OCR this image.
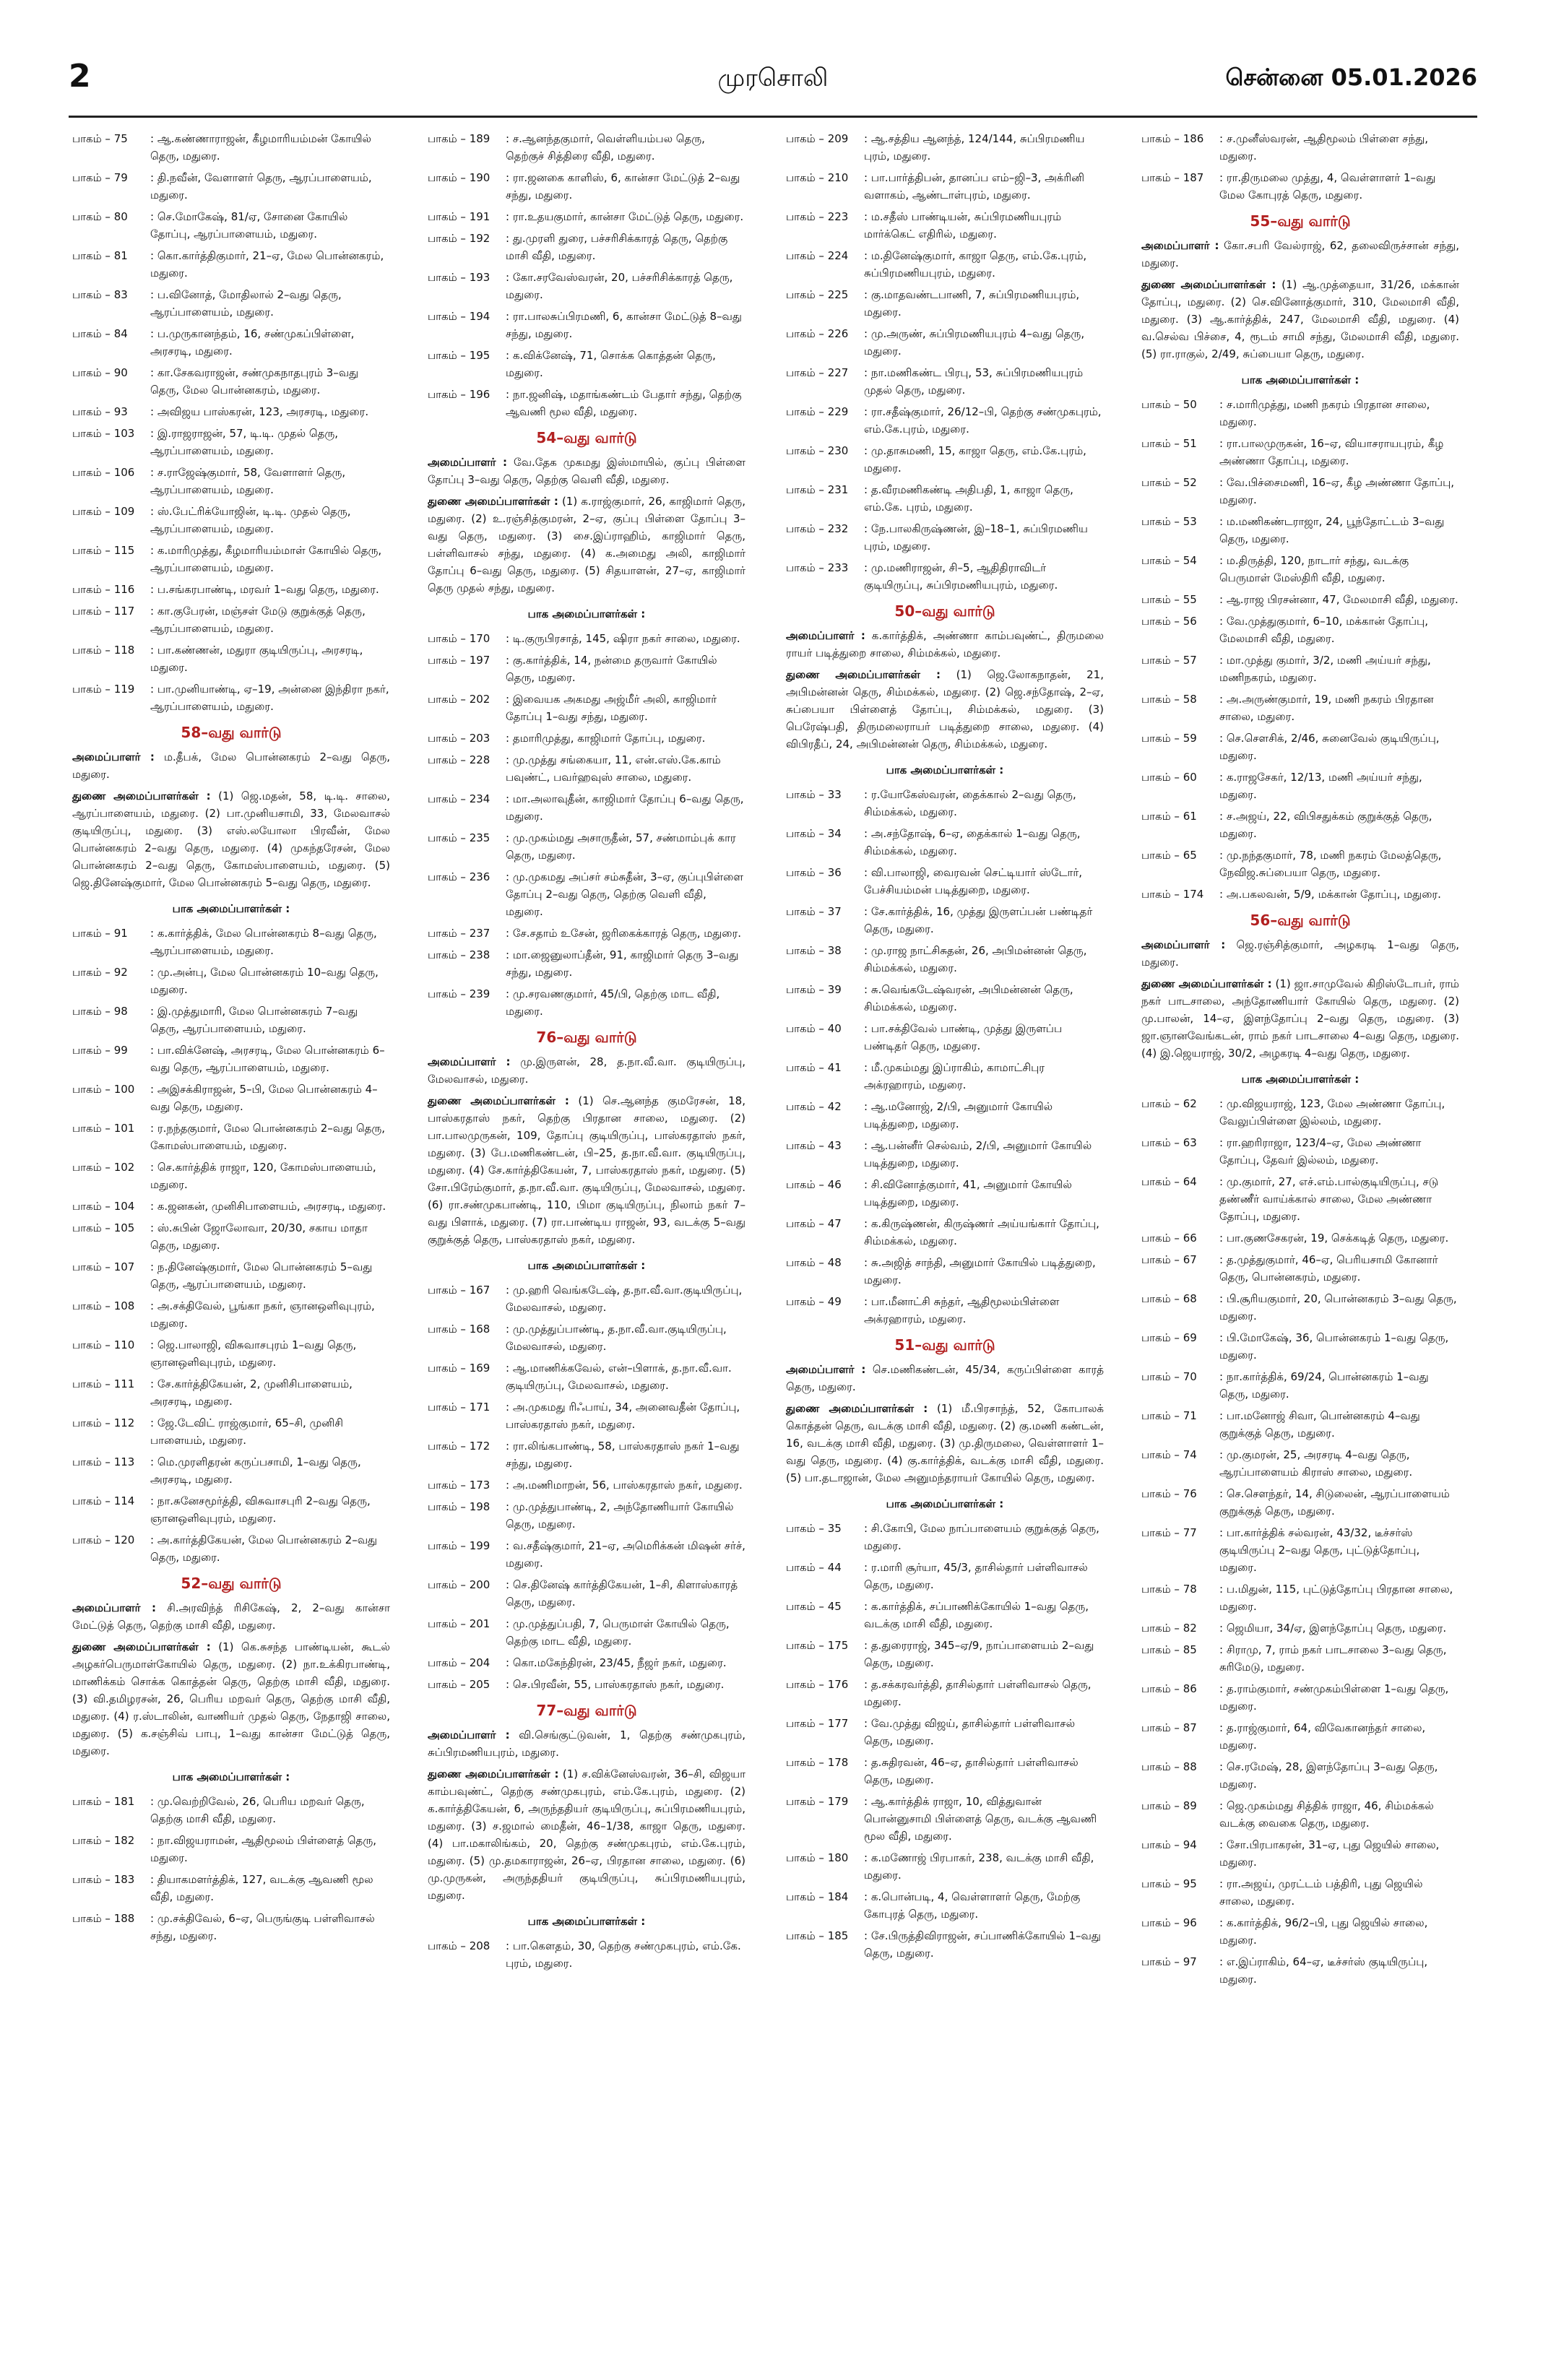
2	முரசொலி	சென்னை 05.01.2026
பாகம் – 75	: ஆ.கண்ணாராஜன், கீழமாரியம்மன் கோயில் தெரு, மதுரை.
பாகம் – 79	: தி.நவீன், வேளாளர் தெரு, ஆரப்பாளையம், மதுரை.
பாகம் – 80	: செ.மோகேஷ், 81/ஏ, சோனை கோயில் தோப்பு, ஆரப்பாளையம், மதுரை.
பாகம் – 81	: கொ.கார்த்திகுமார், 21–ஏ, மேல பொன்னகரம், மதுரை.
பாகம் – 83	: ப.வினோத், மோதிலால் 2–வது தெரு, ஆரப்பாளையம், மதுரை.
பாகம் – 84	: ப.முருகானந்தம், 16, சண்முகப்பிள்ளை, அரசரடி, மதுரை.
பாகம் – 90	: கா.சேகவராஜன், சண்முகநாதபுரம் 3–வது தெரு, மேல பொன்னகரம், மதுரை.
பாகம் – 93	: அவிஜய பாஸ்கரன், 123, அரசரடி, மதுரை.
பாகம் – 103	: இ.ராஜராஜன், 57, டி.டி. முதல் தெரு, ஆரப்பாளையம், மதுரை.
பாகம் – 106	: ச.ராஜேஷ்குமார், 58, வேளாளர் தெரு, ஆரப்பாளையம், மதுரை.
பாகம் – 109	: ஸ்.பேட்ரிக்யோஜின், டி.டி. முதல் தெரு, ஆரப்பாளையம், மதுரை.
பாகம் – 115	: க.மாரிமுத்து, கீழமாரியம்மாள் கோயில் தெரு, ஆரப்பாளையம், மதுரை.
பாகம் – 116	: ப.சங்கரபாண்டி, மரவர் 1–வது தெரு, மதுரை.
பாகம் – 117	: கா.குபேரன், மஞ்சள் மேடு குறுக்குத் தெரு, ஆரப்பாளையம், மதுரை.
பாகம் – 118	: பா.கண்ணன், மதுரா குடியிருப்பு, அரசரடி, மதுரை.
பாகம் – 119	: பா.முனியாண்டி, ஏ–19, அன்னை இந்திரா நகர், ஆரப்பாளையம், மதுரை.
58–வது வார்டு
அமைப்பாளர் : ம.தீபக், மேல பொன்னகரம் 2–வது தெரு, மதுரை.
துணை அமைப்பாளர்கள் : (1) ஜெ.மதன், 58, டி.டி. சாலை, ஆரப்பாளையம், மதுரை. (2) பா.முனியசாமி, 33, மேலவாசல் குடியிருப்பு, மதுரை. (3) எஸ்.லயோலா பிரவீன், மேல பொன்னகரம் 2–வது தெரு, மதுரை. (4) முகந்தரேசன், மேல பொன்னகரம் 2–வது தெரு, கோமஸ்பாளையம், மதுரை. (5) ஜெ.தினேஷ்குமார், மேல பொன்னகரம் 5–வது தெரு, மதுரை.
பாக அமைப்பாளர்கள் :
பாகம் – 91	: க.கார்த்திக், மேல பொன்னகரம் 8–வது தெரு, ஆரப்பாளையம், மதுரை.
பாகம் – 92	: மு.அன்பு, மேல பொன்னகரம் 10–வது தெரு, மதுரை.
பாகம் – 98	: இ.முத்துமாரி, மேல பொன்னகரம் 7–வது தெரு, ஆரப்பாளையம், மதுரை.
பாகம் – 99	: பா.விக்னேஷ், அரசரடி, மேல பொன்னகரம் 6–வது தெரு, ஆரப்பாளையம், மதுரை.
பாகம் – 100	: அஇசக்கிராஜன், 5–பி, மேல பொன்னகரம் 4–வது தெரு, மதுரை.
பாகம் – 101	: ர.நந்தகுமார், மேல பொன்னகரம் 2–வது தெரு, கோமஸ்பாளையம், மதுரை.
பாகம் – 102	: செ.கார்த்திக் ராஜா, 120, கோமஸ்பாளையம், மதுரை.
பாகம் – 104	: க.ஜனகன், முனிசிபாளையம், அரசரடி, மதுரை.
பாகம் – 105	: ஸ்.சுபின் ஜோலோவா, 20/30, சகாய மாதா தெரு, மதுரை.
பாகம் – 107	: ந.தினேஷ்குமார், மேல பொன்னகரம் 5–வது தெரு, ஆரப்பாளையம், மதுரை.
பாகம் – 108	: அ.சக்திவேல், பூங்கா நகர், ஞானஒளிவுபுரம், மதுரை.
பாகம் – 110	: ஜெ.பாலாஜி, விசுவாசபுரம் 1–வது தெரு, ஞானஒளிவுபுரம், மதுரை.
பாகம் – 111	: சே.கார்த்திகேயன், 2, முனிசிபாளையம், அரசரடி, மதுரை.
பாகம் – 112	: ஜே.டேவிட் ராஜ்குமார், 65–சி, முனிசி பாளையம், மதுரை.
பாகம் – 113	: மெ.முரளிதரன் கருப்பசாமி, 1–வது தெரு, அரசரடி, மதுரை.
பாகம் – 114	: நா.சுனேசமூர்த்தி, விசுவாசபுரி 2–வது தெரு, ஞானஒளிவுபுரம், மதுரை.
பாகம் – 120	: அ.கார்த்திகேயன், மேல பொன்னகரம் 2–வது தெரு, மதுரை.
52–வது வார்டு
அமைப்பாளர் : சி.அரவிந்த் ரிசிகேஷ், 2, 2–வது கான்சா மேட்டுத் தெரு, தெற்கு மாசி வீதி, மதுரை.
துணை அமைப்பாளர்கள் : (1) கெ.சுசந்த பாண்டியன், கூடல் அழகர்பெருமாள்கோயில் தெரு, மதுரை. (2) நா.உக்கிரபாண்டி, மாணிக்கம் சொக்க கொத்தன் தெரு, தெற்கு மாசி வீதி, மதுரை. (3) வி.தமிழரசன், 26, பெரிய மறவர் தெரு, தெற்கு மாசி வீதி, மதுரை. (4) ர.ஸ்டாலின், வாணியர் முதல் தெரு, நேதாஜி சாலை, மதுரை. (5) க.சஞ்சிவ் பாபு, 1–வது கான்சா மேட்டுத் தெரு, மதுரை.
பாக அமைப்பாளர்கள் :
பாகம் – 181	: மு.வெற்றிவேல், 26, பெரிய மறவர் தெரு, தெற்கு மாசி வீதி, மதுரை.
பாகம் – 182	: நா.விஜயராமன், ஆதிமூலம் பிள்ளைத் தெரு, மதுரை.
பாகம் – 183	: தியாகமளர்த்திக், 127, வடக்கு ஆவணி மூல வீதி, மதுரை.
பாகம் – 188	: மு.சக்திவேல், 6–ஏ, பெருங்குடி பள்ளிவாசல் சந்து, மதுரை.
பாகம் – 189	: ச.ஆனந்தகுமார், வெள்ளியம்பல தெரு, தெற்குச் சித்திரை வீதி, மதுரை.
பாகம் – 190	: ரா.ஜனகை காளிஸ், 6, கான்சா மேட்டுத் 2–வது சந்து, மதுரை.
பாகம் – 191	: ரா.உதயகுமார், கான்சா மேட்டுத் தெரு, மதுரை.
பாகம் – 192	: து.முரளி துரை, பச்சரிசிக்காரத் தெரு, தெற்கு மாசி வீதி, மதுரை.
பாகம் – 193	: கோ.சரவேஸ்வரன், 20, பச்சரிசிக்காரத் தெரு, மதுரை.
பாகம் – 194	: ரா.பாலசுப்பிரமணி, 6, கான்சா மேட்டுத் 8–வது சந்து, மதுரை.
பாகம் – 195	: க.விக்னேஷ், 71, சொக்க கொத்தன் தெரு, மதுரை.
பாகம் – 196	: நா.ஜனிஷ், மதாங்கண்டம் பேதார் சந்து, தெற்கு ஆவணி மூல வீதி, மதுரை.
54–வது வார்டு
அமைப்பாளர் : வே.தேக முகமது இஸ்மாயில், குப்பு பிள்ளை தோப்பு 3–வது தெரு, தெற்கு வெளி வீதி, மதுரை.
துணை அமைப்பாளர்கள் : (1) க.ராஜ்குமார், 26, காஜிமார் தெரு, மதுரை. (2) உ.ரஞ்சித்குமரன், 2–ஏ, குப்பு பிள்ளை தோப்பு 3–வது தெரு, மதுரை. (3) சை.இப்ராஹிம், காஜிமார் தெரு, பள்ளிவாசல் சந்து, மதுரை. (4) க.அமைது அலி, காஜிமார் தோப்பு 6–வது தெரு, மதுரை. (5) சிதயாளன், 27–ஏ, காஜிமார் தெரு முதல் சந்து, மதுரை.
பாக அமைப்பாளர்கள் :
பாகம் – 170	: டி.குருபிரசாத், 145, ஷிரா நகர் சாலை, மதுரை.
பாகம் – 197	: கு.கார்த்திக், 14, நன்மை தருவார் கோயில் தெரு, மதுரை.
பாகம் – 202	: இவையக அகமது அஜ்மீர் அலி, காஜிமார் தோப்பு 1–வது சந்து, மதுரை.
பாகம் – 203	: தமாரிமுத்து, காஜிமார் தோப்பு, மதுரை.
பாகம் – 228	: மு.முத்து சங்கையா, 11, என்.எஸ்.கே.காம் பவுண்ட், பவர்ஹவுஸ் சாலை, மதுரை.
பாகம் – 234	: மா.அலாவுதீன், காஜிமார் தோப்பு 6–வது தெரு, மதுரை.
பாகம் – 235	: மு.முகம்மது அசாருதீன், 57, சண்மாம்புக் கார தெரு, மதுரை.
பாகம் – 236	: மு.முகமது அப்சர் சம்சுதீன், 3–ஏ, குப்புபிள்ளை தோப்பு 2–வது தெரு, தெற்கு வெளி வீதி, மதுரை.
பாகம் – 237	: சே.சதாம் உசேன், ஜரிகைக்காரத் தெரு, மதுரை.
பாகம் – 238	: மா.ஜைனுலாப்தீன், 91, காஜிமார் தெரு 3–வது சந்து, மதுரை.
பாகம் – 239	: மு.சரவணகுமார், 45/பி, தெற்கு மாட வீதி, மதுரை.
76–வது வார்டு
அமைப்பாளர் : மு.இருளன், 28, த.நா.வீ.வா. குடியிருப்பு, மேலவாசல், மதுரை.
துணை அமைப்பாளர்கள் : (1) செ.ஆனந்த குமரேசன், 18, பாஸ்கரதாஸ் நகர், தெற்கு பிரதான சாலை, மதுரை. (2) பா.பாலமுருகன், 109, தோப்பு குடியிருப்பு, பாஸ்கரதாஸ் நகர், மதுரை. (3) பே.மணிகண்டன், பி–25, த.நா.வீ.வா. குடியிருப்பு, மதுரை. (4) சே.கார்த்திகேயன், 7, பாஸ்கரதாஸ் நகர், மதுரை. (5) சோ.பிரேம்குமார், த.நா.வீ.வா. குடியிருப்பு, மேலவாசல், மதுரை. (6) ரா.சண்முகபாண்டி, 110, பிமா குடியிருப்பு, நிலாம் நகர் 7–வது பிளாக், மதுரை. (7) ரா.பாண்டிய ராஜன், 93, வடக்கு 5–வது குறுக்குத் தெரு, பாஸ்கரதாஸ் நகர், மதுரை.
பாக அமைப்பாளர்கள் :
பாகம் – 167	: மு.ஹரி வெங்கடேஷ், த.நா.வீ.வா.குடியிருப்பு, மேலவாசல், மதுரை.
பாகம் – 168	: மு.முத்துப்பாண்டி, த.நா.வீ.வா.குடியிருப்பு, மேலவாசல், மதுரை.
பாகம் – 169	: ஆ.மாணிக்கவேல், என்–பிளாக், த.நா.வீ.வா. குடியிருப்பு, மேலவாசல், மதுரை.
பாகம் – 171	: அ.முகமது ரிஃபாய், 34, அனைவதீன் தோப்பு, பாஸ்கரதாஸ் நகர், மதுரை.
பாகம் – 172	: ரா.லிங்கபாண்டி, 58, பாஸ்கரதாஸ் நகர் 1–வது சந்து, மதுரை.
பாகம் – 173	: அ.மணிமாறன், 56, பாஸ்கரதாஸ் நகர், மதுரை.
பாகம் – 198	: மு.முத்துபாண்டி, 2, அந்தோணியார் கோயில் தெரு, மதுரை.
பாகம் – 199	: வ.சதீஷ்குமார், 21–ஏ, அமெரிக்கன் மிஷன் சர்ச், மதுரை.
பாகம் – 200	: செ.தினேஷ் கார்த்திகேயன், 1–சி, கிளாஸ்காரத் தெரு, மதுரை.
பாகம் – 201	: மு.முத்துப்பதி, 7, பெருமாள் கோயில் தெரு, தெற்கு மாட வீதி, மதுரை.
பாகம் – 204	: கொ.மகேந்திரன், 23/45, நீஜர் நகர், மதுரை.
பாகம் – 205	: செ.பிரவீன், 55, பாஸ்கரதாஸ் நகர், மதுரை.
77–வது வார்டு
அமைப்பாளர் : வி.செங்குட்டுவன், 1, தெற்கு சண்முகபுரம், சுப்பிரமணியபுரம், மதுரை.
துணை அமைப்பாளர்கள் : (1) ச.விக்னேஸ்வரன், 36–சி, விஜயா காம்பவுண்ட், தெற்கு சண்முகபுரம், எம்.கே.புரம், மதுரை. (2) க.கார்த்திகேயன், 6, அருந்ததியர் குடியிருப்பு, சுப்பிரமணியபுரம், மதுரை. (3) ச.ஜமால் மைதீன், 46–1/38, காஜா தெரு, மதுரை. (4) பா.மகாலிங்கம், 20, தெற்கு சண்முகபுரம், எம்.கே.புரம், மதுரை. (5) மு.தமகாராஜன், 26–ஏ, பிரதான சாலை, மதுரை. (6) மு.முருகன், அருந்ததியர் குடியிருப்பு, சுப்பிரமணியபுரம், மதுரை.
பாக அமைப்பாளர்கள் :
பாகம் – 208	: பா.கௌதம், 30, தெற்கு சண்முகபுரம், எம்.கே. புரம், மதுரை.
பாகம் – 209	: ஆ.சத்திய ஆனந்த், 124/144, சுப்பிரமணிய புரம், மதுரை.
பாகம் – 210	: பா.பார்த்திபன், தானப்ப எம்–ஜி–3, அக்ரினி வளாகம், ஆண்டாள்புரம், மதுரை.
பாகம் – 223	: ம.சதீஸ் பாண்டியன், சுப்பிரமணியபுரம் மார்க்கெட் எதிரில், மதுரை.
பாகம் – 224	: ம.தினேஷ்குமார், காஜா தெரு, எம்.கே.புரம், சுப்பிரமணியபுரம், மதுரை.
பாகம் – 225	: கு.மாதவண்டபாணி, 7, சுப்பிரமணியபுரம், மதுரை.
பாகம் – 226	: மு.அருண், சுப்பிரமணியபுரம் 4–வது தெரு, மதுரை.
பாகம் – 227	: நா.மணிகண்ட பிரபு, 53, சுப்பிரமணியபுரம் முதல் தெரு, மதுரை.
பாகம் – 229	: ரா.சதீஷ்குமார், 26/12–பி, தெற்கு சண்முகபுரம், எம்.கே.புரம், மதுரை.
பாகம் – 230	: மு.தாசுமணி, 15, காஜா தெரு, எம்.கே.புரம், மதுரை.
பாகம் – 231	: த.வீரமணிகண்டி அதிபதி, 1, காஜா தெரு, எம்.கே. புரம், மதுரை.
பாகம் – 232	: நே.பாலகிருஷ்ணன், இ–18–1, சுப்பிரமணிய புரம், மதுரை.
பாகம் – 233	: மு.மணிராஜன், சி–5, ஆதிதிராவிடர் குடியிருப்பு, சுப்பிரமணியபுரம், மதுரை.
50–வது வார்டு
அமைப்பாளர் : க.கார்த்திக், அண்ணா காம்பவுண்ட், திருமலை ராயர் படித்துறை சாலை, சிம்மக்கல், மதுரை.
துணை அமைப்பாளர்கள் : (1) ஜெ.லோகநாதன், 21, அபிமன்னன் தெரு, சிம்மக்கல், மதுரை. (2) ஜெ.சந்தோஷ், 2–ஏ, சுப்பையா பிள்ளைத் தோப்பு, சிம்மக்கல், மதுரை. (3) பெரேஷ்பதி, திருமலைராயர் படித்துறை சாலை, மதுரை. (4) விபிரதீப், 24, அபிமன்னன் தெரு, சிம்மக்கல், மதுரை.
பாக அமைப்பாளர்கள் :
பாகம் – 33	: ர.யோகேஸ்வரன், தைக்கால் 2–வது தெரு, சிம்மக்கல், மதுரை.
பாகம் – 34	: அ.சந்தோஷ், 6–ஏ, தைக்கால் 1–வது தெரு, சிம்மக்கல், மதுரை.
பாகம் – 36	: வி.பாலாஜி, வைரவன் செட்டியார் ஸ்டோர், பேச்சியம்மன் படித்துறை, மதுரை.
பாகம் – 37	: சே.கார்த்திக், 16, முத்து இருளப்பன் பண்டிதர் தெரு, மதுரை.
பாகம் – 38	: மு.ராஜ நாட்சிசுதன், 26, அபிமன்னன் தெரு, சிம்மக்கல், மதுரை.
பாகம் – 39	: சு.வெங்கடேஷ்வரன், அபிமன்னன் தெரு, சிம்மக்கல், மதுரை.
பாகம் – 40	: பா.சக்திவேல் பாண்டி, முத்து இருளப்ப பண்டிதர் தெரு, மதுரை.
பாகம் – 41	: மீ.முகம்மது இப்ராகிம், காமாட்சிபுர அக்ரஹாரம், மதுரை.
பாகம் – 42	: ஆ.மனோஜ், 2/பி, அனுமார் கோயில் படித்துறை, மதுரை.
பாகம் – 43	: ஆ.பன்னீர் செல்வம், 2/பி, அனுமார் கோயில் படித்துறை, மதுரை.
பாகம் – 46	: சி.வினோத்குமார், 41, அனுமார் கோயில் படித்துறை, மதுரை.
பாகம் – 47	: க.கிருஷ்ணன், கிருஷ்ணர் அய்யங்கார் தோப்பு, சிம்மக்கல், மதுரை.
பாகம் – 48	: சு.அஜித் சாந்தி, அனுமார் கோயில் படித்துறை, மதுரை.
பாகம் – 49	: பா.மீனாட்சி சுந்தர், ஆதிமூலம்பிள்ளை அக்ரஹாரம், மதுரை.
51–வது வார்டு
அமைப்பாளர் : செ.மணிகண்டன், 45/34, கருப்பிள்ளை காரத் தெரு, மதுரை.
துணை அமைப்பாளர்கள் : (1) மீ.பிரசாந்த், 52, கோபாலக் கொத்தன் தெரு, வடக்கு மாசி வீதி, மதுரை. (2) கு.மணி கண்டன், 16, வடக்கு மாசி வீதி, மதுரை. (3) மு.திருமலை, வெள்ளாளர் 1–வது தெரு, மதுரை. (4) கு.கார்த்திக், வடக்கு மாசி வீதி, மதுரை. (5) பா.தடாஜான், மேல அனுமந்தராயர் கோயில் தெரு, மதுரை.
பாக அமைப்பாளர்கள் :
பாகம் – 35	: சி.கோபி, மேல நாப்பாளையம் குறுக்குத் தெரு, மதுரை.
பாகம் – 44	: ர.மாரி சூர்யா, 45/3, தாசில்தார் பள்ளிவாசல் தெரு, மதுரை.
பாகம் – 45	: க.கார்த்திக், சப்பாணிக்கோயில் 1–வது தெரு, வடக்கு மாசி வீதி, மதுரை.
பாகம் – 175	: த.துரைராஜ், 345–ஏ/9, நாப்பாளையம் 2–வது தெரு, மதுரை.
பாகம் – 176	: த.சக்கரவர்த்தி, தாசில்தார் பள்ளிவாசல் தெரு, மதுரை.
பாகம் – 177	: வே.முத்து விஜய், தாசில்தார் பள்ளிவாசல் தெரு, மதுரை.
பாகம் – 178	: த.சுதிரவன், 46–ஏ, தாசில்தார் பள்ளிவாசல் தெரு, மதுரை.
பாகம் – 179	: ஆ.கார்த்திக் ராஜா, 10, வித்துவான் பொன்னுசாமி பிள்ளைத் தெரு, வடக்கு ஆவணி மூல வீதி, மதுரை.
பாகம் – 180	: க.மணோஜ் பிரபாகர், 238, வடக்கு மாசி வீதி, மதுரை.
பாகம் – 184	: க.பொன்படி, 4, வெள்ளாளர் தெரு, மேற்கு கோபுரத் தெரு, மதுரை.
பாகம் – 185	: சே.பிருத்திவிராஜன், சப்பாணிக்கோயில் 1–வது தெரு, மதுரை.
பாகம் – 186	: ச.முனீஸ்வரன், ஆதிமூலம் பிள்ளை சந்து, மதுரை.
பாகம் – 187	: ரா.திருமலை முத்து, 4, வெள்ளாளர் 1–வது மேல கோபுரத் தெரு, மதுரை.
55–வது வார்டு
அமைப்பாளர் : கோ.சபரி வேல்ராஜ், 62, தலைவிருச்சான் சந்து, மதுரை.
துணை அமைப்பாளர்கள் : (1) ஆ.முத்தையா, 31/26, மக்கான் தோப்பு, மதுரை. (2) செ.வினோத்குமார், 310, மேலமாசி வீதி, மதுரை. (3) ஆ.கார்த்திக், 247, மேலமாசி வீதி, மதுரை. (4) வ.செல்வ பிச்சை, 4, ரூடம் சாமி சந்து, மேலமாசி வீதி, மதுரை. (5) ரா.ராகுல், 2/49, சுப்பையா தெரு, மதுரை.
பாக அமைப்பாளர்கள் :
பாகம் – 50	: ச.மாரிமுத்து, மணி நகரம் பிரதான சாலை, மதுரை.
பாகம் – 51	: ரா.பாலமுருகன், 16–ஏ, வியாசராயபுரம், கீழ அண்ணா தோப்பு, மதுரை.
பாகம் – 52	: வே.பிச்சைமணி, 16–ஏ, கீழ அண்ணா தோப்பு, மதுரை.
பாகம் – 53	: ம.மணிகண்டராஜா, 24, பூந்தோட்டம் 3–வது தெரு, மதுரை.
பாகம் – 54	: ம.திருத்தி, 120, நாடார் சந்து, வடக்கு பெருமாள் மேஸ்திரி வீதி, மதுரை.
பாகம் – 55	: ஆ.ராஜ பிரசன்னா, 47, மேலமாசி வீதி, மதுரை.
பாகம் – 56	: வே.முத்துகுமார், 6–10, மக்கான் தோப்பு, மேலமாசி வீதி, மதுரை.
பாகம் – 57	: மா.முத்து குமார், 3/2, மணி அய்யர் சந்து, மணிநகரம், மதுரை.
பாகம் – 58	: அ.அருண்குமார், 19, மணி நகரம் பிரதான சாலை, மதுரை.
பாகம் – 59	: செ.சௌசிக், 2/46, சுனைவேல் குடியிருப்பு, மதுரை.
பாகம் – 60	: க.ராஜசேகர், 12/13, மணி அய்யர் சந்து, மதுரை.
பாகம் – 61	: ச.அஜய், 22, விபிசதுக்கம் குறுக்குத் தெரு, மதுரை.
பாகம் – 65	: மு.நந்தகுமார், 78, மணி நகரம் மேலத்தெரு, நேவிஜ.சுப்பையா தெரு, மதுரை.
பாகம் – 174	: அ.பகலவன், 5/9, மக்கான் தோப்பு, மதுரை.
56–வது வார்டு
அமைப்பாளர் : ஜெ.ரஞ்சித்குமார், அழகரடி 1–வது தெரு, மதுரை.
துணை அமைப்பாளர்கள் : (1) ஜா.சாமுவேல் கிறிஸ்டோபர், ராம் நகர் பாடசாலை, அந்தோணியார் கோயில் தெரு, மதுரை. (2) மு.பாலன், 14–ஏ, இளந்தோப்பு 2–வது தெரு, மதுரை. (3) ஜா.ஞானவேங்கடன், ராம் நகர் பாடசாலை 4–வது தெரு, மதுரை. (4) இ.ஜெயராஜ், 30/2, அழகரடி 4–வது தெரு, மதுரை.
பாக அமைப்பாளர்கள் :
பாகம் – 62	: மு.விஜயராஜ், 123, மேல அண்ணா தோப்பு, வேலுப்பிள்ளை இல்லம், மதுரை.
பாகம் – 63	: ரா.ஹரிராஜா, 123/4–ஏ, மேல அண்ணா தோப்பு, தேவர் இல்லம், மதுரை.
பாகம் – 64	: மு.குமார், 27, எச்.எம்.பால்குடியிருப்பு, சடு தண்ணீர் வாய்க்கால் சாலை, மேல அண்ணா தோப்பு, மதுரை.
பாகம் – 66	: பா.குணசேகரன், 19, செக்கடித் தெரு, மதுரை.
பாகம் – 67	: த.முத்துகுமார், 46–ஏ, பெரியசாமி கோனார் தெரு, பொன்னகரம், மதுரை.
பாகம் – 68	: பி.சூரியகுமார், 20, பொன்னகரம் 3–வது தெரு, மதுரை.
பாகம் – 69	: பி.மோகேஷ், 36, பொன்னகரம் 1–வது தெரு, மதுரை.
பாகம் – 70	: நா.கார்த்திக், 69/24, பொன்னகரம் 1–வது தெரு, மதுரை.
பாகம் – 71	: பா.மனோஜ் சிவா, பொன்னகரம் 4–வது குறுக்குத் தெரு, மதுரை.
பாகம் – 74	: மு.குமரன், 25, அரசரடி 4–வது தெரு, ஆரப்பாளையம் கிராஸ் சாலை, மதுரை.
பாகம் – 76	: செ.சௌந்தர், 14, சிடுலைன், ஆரப்பாளையம் குறுக்குத் தெரு, மதுரை.
பாகம் – 77	: பா.கார்த்திக் சல்வரன், 43/32, டீச்சர்ஸ் குடியிருப்பு 2–வது தெரு, புட்டுத்தோப்பு, மதுரை.
பாகம் – 78	: ப.மிதுன், 115, புட்டுத்தோப்பு பிரதான சாலை, மதுரை.
பாகம் – 82	: ஜெமியா, 34/ஏ, இளந்தோப்பு தெரு, மதுரை.
பாகம் – 85	: சிராமு, 7, ராம் நகர் பாடசாலை 3–வது தெரு, சுரிமேடு, மதுரை.
பாகம் – 86	: த.ராம்குமார், சண்முகம்பிள்ளை 1–வது தெரு, மதுரை.
பாகம் – 87	: த.ராஜ்குமார், 64, விவேகானந்தர் சாலை, மதுரை.
பாகம் – 88	: செ.ரமேஷ், 28, இளந்தோப்பு 3–வது தெரு, மதுரை.
பாகம் – 89	: ஜெ.முகம்மது சித்திக் ராஜா, 46, சிம்மக்கல் வடக்கு வைகை தெரு, மதுரை.
பாகம் – 94	: சோ.பிரபாகரன், 31–ஏ, புது ஜெயில் சாலை, மதுரை.
பாகம் – 95	: ரா.அஜய், முரட்டம் பத்திரி, புது ஜெயில் சாலை, மதுரை.
பாகம் – 96	: க.கார்த்திக், 96/2–பி, புது ஜெயில் சாலை, மதுரை.
பாகம் – 97	: எ.இப்ராகிம், 64–ஏ, டீச்சர்ஸ் குடியிருப்பு, மதுரை.
